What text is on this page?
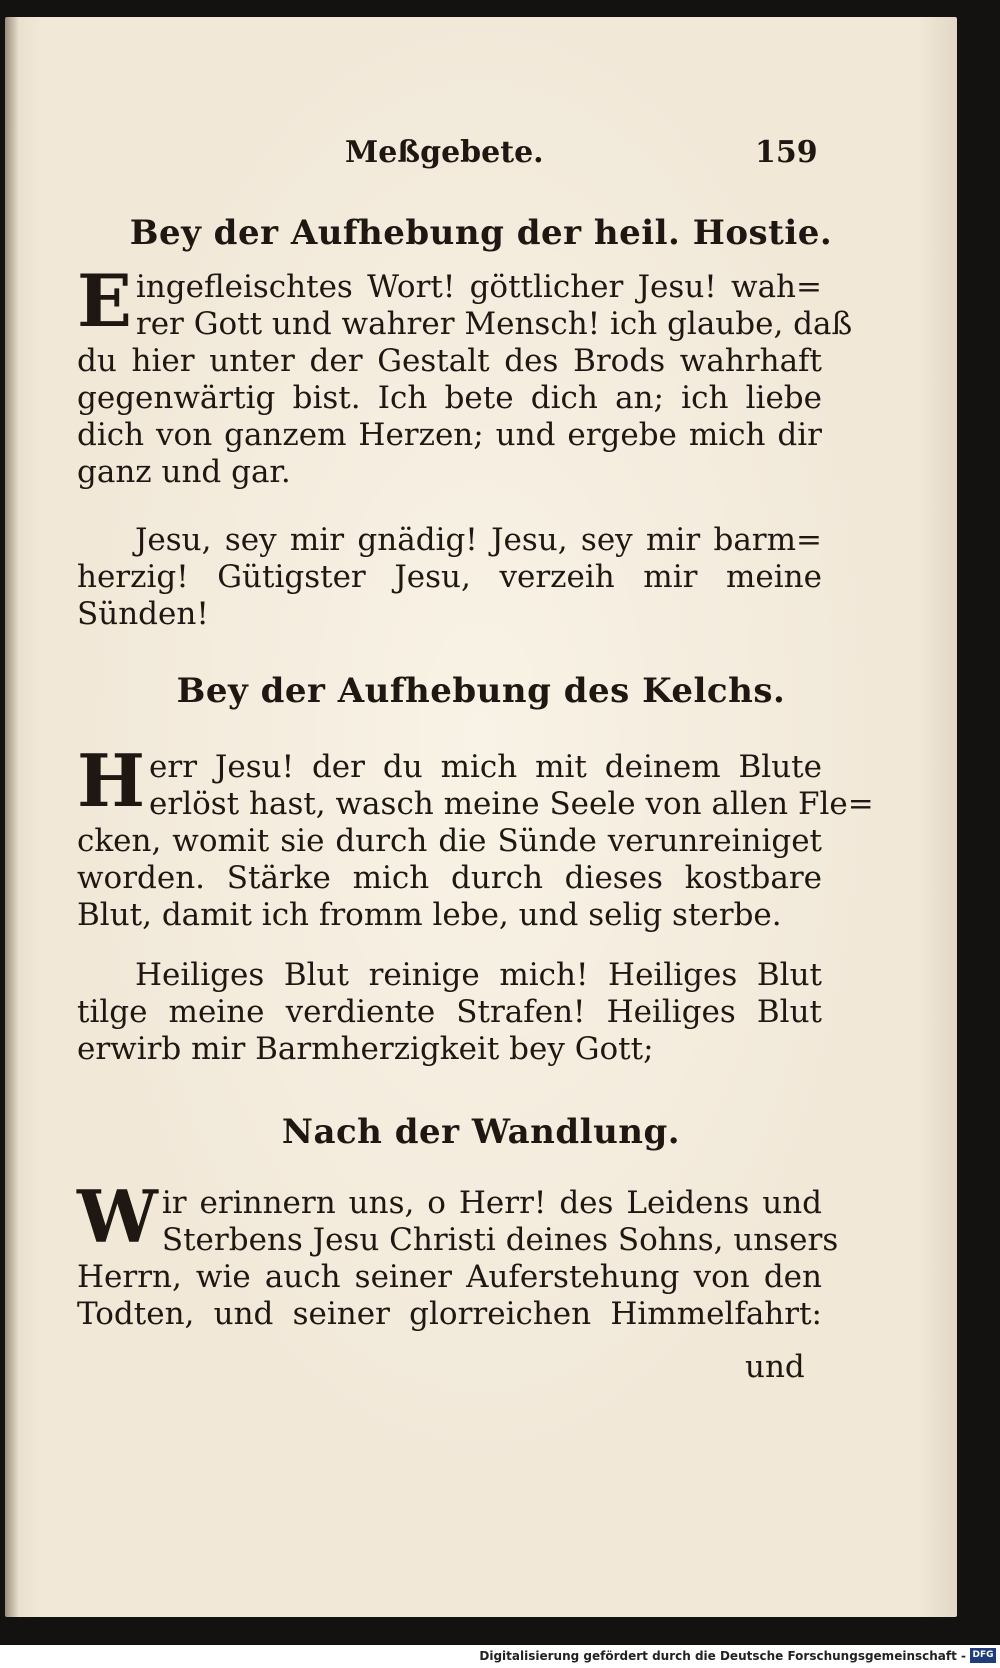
Meßgebete.	159
Bey der Aufhebung der heil. Hostie.
E ingefleischtes Wort! göttlicher Jesu! wah=
rer Gott und wahrer Mensch! ich glaube, daß
du hier unter der Gestalt des Brods wahrhaft
gegenwärtig bist. Ich bete dich an; ich liebe
dich von ganzem Herzen; und ergebe mich dir
ganz und gar.
Jesu, sey mir gnädig! Jesu, sey mir barm=
herzig! Gütigster Jesu, verzeih mir meine
Sünden!
Bey der Aufhebung des Kelchs.
H err Jesu! der du mich mit deinem Blute
erlöst hast, wasch meine Seele von allen Fle=
cken, womit sie durch die Sünde verunreiniget
worden. Stärke mich durch dieses kostbare
Blut, damit ich fromm lebe, und selig sterbe.
Heiliges Blut reinige mich! Heiliges Blut
tilge meine verdiente Strafen! Heiliges Blut
erwirb mir Barmherzigkeit bey Gott;
Nach der Wandlung.
W ir erinnern uns, o Herr! des Leidens und
Sterbens Jesu Christi deines Sohns, unsers
Herrn, wie auch seiner Auferstehung von den
Todten, und seiner glorreichen Himmelfahrt:
und
Digitalisierung gefördert durch die Deutsche Forschungsgemeinschaft - DFG
